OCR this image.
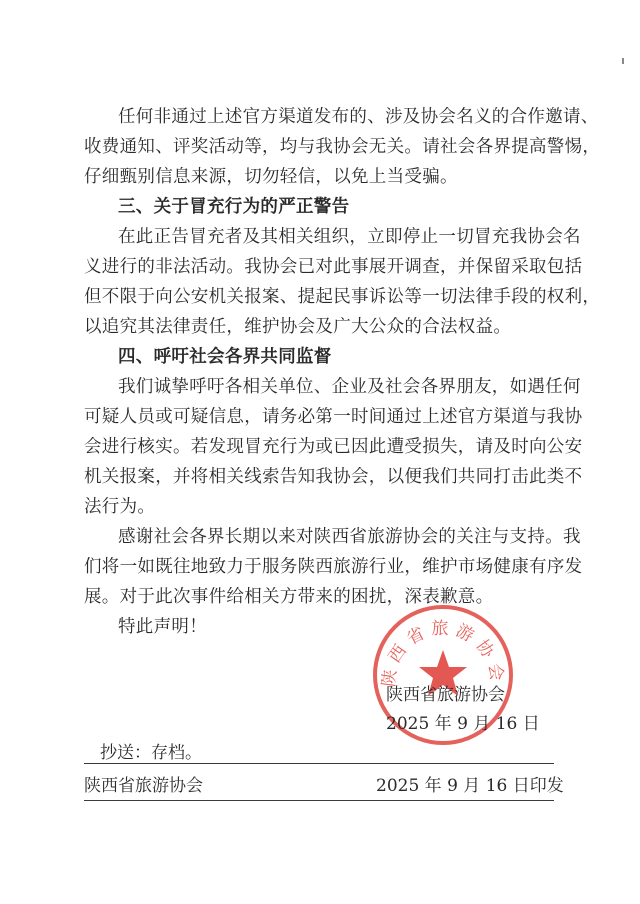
任何非通过上述官方渠道发布的、涉及协会名义的合作邀请、
收费通知、评奖活动等，均与我协会无关。请社会各界提高警惕，
仔细甄别信息来源，切勿轻信，以免上当受骗。
三、关于冒充行为的严正警告
在此正告冒充者及其相关组织，立即停止一切冒充我协会名
义进行的非法活动。我协会已对此事展开调查，并保留采取包括
但不限于向公安机关报案、提起民事诉讼等一切法律手段的权利，
以追究其法律责任，维护协会及广大公众的合法权益。
四、呼吁社会各界共同监督
我们诚挚呼吁各相关单位、企业及社会各界朋友，如遇任何
可疑人员或可疑信息，请务必第一时间通过上述官方渠道与我协
会进行核实。若发现冒充行为或已因此遭受损失，请及时向公安
机关报案，并将相关线索告知我协会，以便我们共同打击此类不
法行为。
感谢社会各界长期以来对陕西省旅游协会的关注与支持。我
们将一如既往地致力于服务陕西旅游行业，维护市场健康有序发
展。对于此次事件给相关方带来的困扰，深表歉意。
特此声明！
陕西省旅游协会
陕西省旅游协会
2025 年 9 月 16 日
抄送：存档。
陕西省旅游协会	2025 年 9 月 16 日印发
